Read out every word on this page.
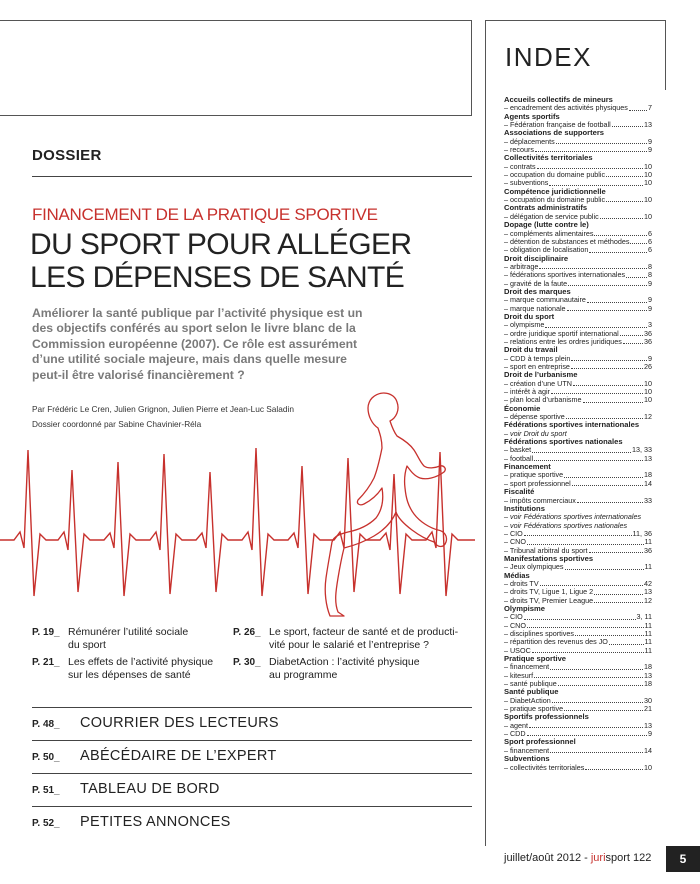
DOSSIER
FINANCEMENT DE LA PRATIQUE SPORTIVE
DU SPORT POUR ALLÉGER
LES DÉPENSES DE SANTÉ
Améliorer la santé publique par l’activité physique est un des objectifs conférés au sport selon le livre blanc de la Commission européenne (2007). Ce rôle est assurément d’une utilité sociale majeure, mais dans quelle mesure peut-il être valorisé financièrement ?
Par Frédéric Le Cren, Julien Grignon, Julien Pierre et Jean-Luc Saladin
Dossier coordonné par Sabine Chavinier-Réla
P. 19_ Rémunérer l’utilité sociale
du sport
P. 21_ Les effets de l’activité physique
sur les dépenses de santé
P. 26_ Le sport, facteur de santé et de producti-
vité pour le salarié et l’entreprise ?
P. 30_ DiabetAction : l’activité physique
au programme
P. 48_ COURRIER DES LECTEURS
P. 50_ ABÉCÉDAIRE DE L’EXPERT
P. 51_ TABLEAU DE BORD
P. 52_ PETITES ANNONCES
INDEX
Accueils collectifs de mineurs
– encadrement des activités physiques	7
Agents sportifs
– Fédération française de football	13
Associations de supporters
– déplacements	9
– recours	9
Collectivités territoriales
– contrats	10
– occupation du domaine public	10
– subventions	10
Compétence juridictionnelle
– occupation du domaine public	10
Contrats administratifs
– délégation de service public	10
Dopage (lutte contre le)
– compléments alimentaires	6
– détention de substances et méthodes	6
– obligation de localisation	6
Droit disciplinaire
– arbitrage	8
– fédérations sportives internationales	8
– gravité de la faute	9
Droit des marques
– marque communautaire	9
– marque nationale	9
Droit du sport
– olympisme	3
– ordre juridique sportif international	36
– relations entre les ordres juridiques	36
Droit du travail
– CDD à temps plein	9
– sport en entreprise	26
Droit de l’urbanisme
– création d’une UTN	10
– intérêt à agir	10
– plan local d’urbanisme	10
Économie
– dépense sportive	12
Fédérations sportives internationales
– voir Droit du sport
Fédérations sportives nationales
– basket	13, 33
– football	13
Financement
– pratique sportive	18
– sport professionnel	14
Fiscalité
– impôts commerciaux	33
Institutions
– voir Fédérations sportives internationales
– voir Fédérations sportives nationales
– CIO	11, 36
– CNO	11
– Tribunal arbitral du sport	36
Manifestations sportives
– Jeux olympiques	11
Médias
– droits TV	42
– droits TV, Ligue 1, Ligue 2	13
– droits TV, Premier League	12
Olympisme
– CIO	3, 11
– CNO	11
– disciplines sportives	11
– répartition des revenus des JO	11
– USOC	11
Pratique sportive
– financement	18
– kitesurf	13
– santé publique	18
Santé publique
– DiabetAction	30
– pratique sportive	21
Sportifs professionnels
– agent	13
– CDD	9
Sport professionnel
– financement	14
Subventions
– collectivités territoriales	10
juillet/août 2012 - jurisport 122	5
